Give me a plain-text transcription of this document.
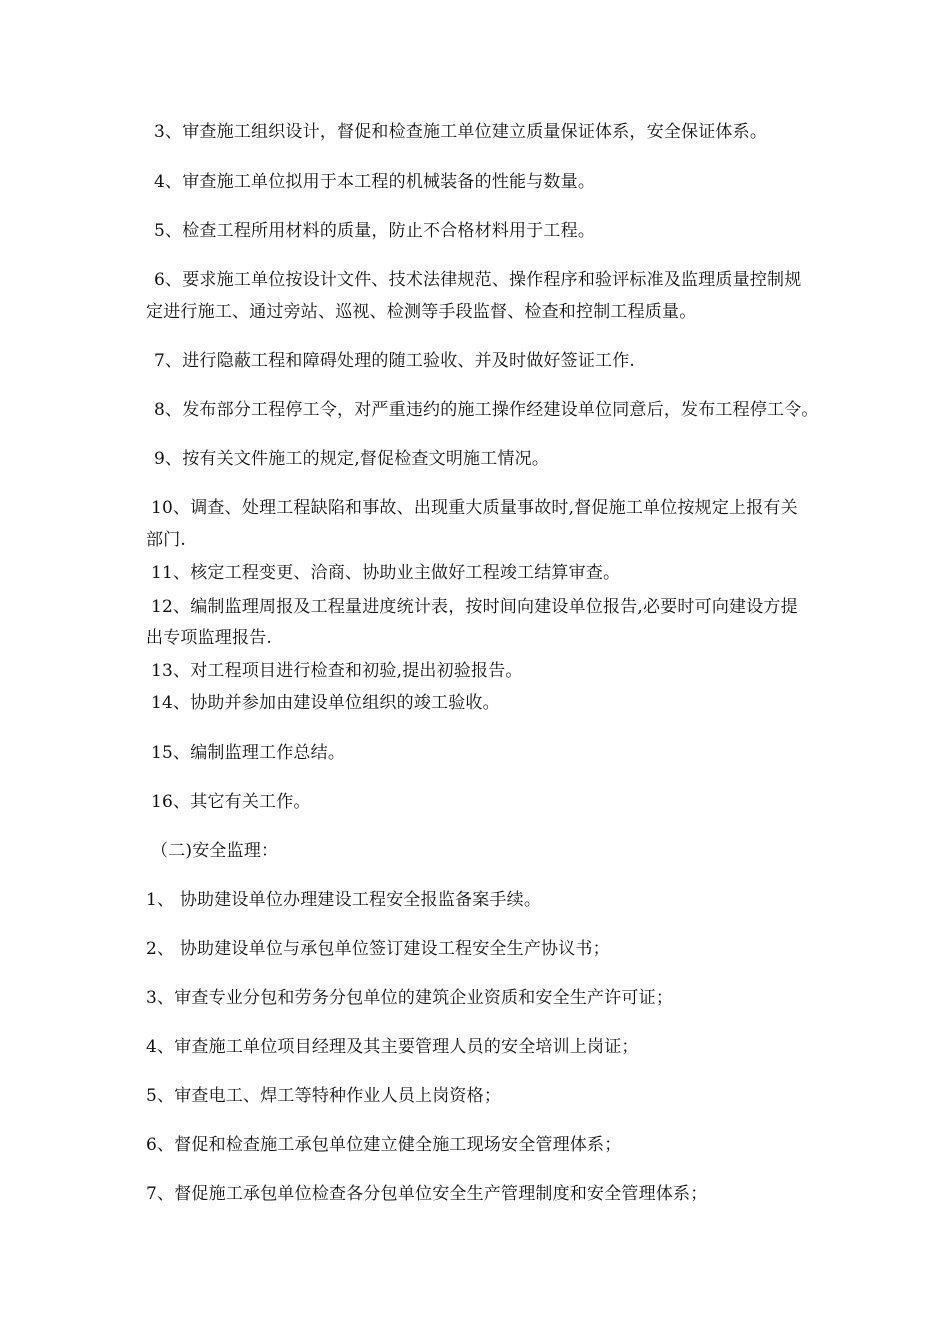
3、审查施工组织设计，督促和检查施工单位建立质量保证体系，安全保证体系。
4、审查施工单位拟用于本工程的机械装备的性能与数量。
5、检查工程所用材料的质量，防止不合格材料用于工程。
6、要求施工单位按设计文件、技术法律规范、操作程序和验评标准及监理质量控制规
定进行施工、通过旁站、巡视、检测等手段监督、检查和控制工程质量。
7、进行隐蔽工程和障碍处理的随工验收、并及时做好签证工作.
8、发布部分工程停工令，对严重违约的施工操作经建设单位同意后，发布工程停工令。
9、按有关文件施工的规定,督促检查文明施工情况。
10、调查、处理工程缺陷和事故、出现重大质量事故时,督促施工单位按规定上报有关
部门.
11、核定工程变更、洽商、协助业主做好工程竣工结算审查。
12、编制监理周报及工程量进度统计表，按时间向建设单位报告,必要时可向建设方提
出专项监理报告.
13、对工程项目进行检查和初验,提出初验报告。
14、协助并参加由建设单位组织的竣工验收。
15、编制监理工作总结。
16、其它有关工作。
（二)安全监理：
1、 协助建设单位办理建设工程安全报监备案手续。
2、 协助建设单位与承包单位签订建设工程安全生产协议书；
3、审查专业分包和劳务分包单位的建筑企业资质和安全生产许可证；
4、审查施工单位项目经理及其主要管理人员的安全培训上岗证；
5、审查电工、焊工等特种作业人员上岗资格；
6、督促和检查施工承包单位建立健全施工现场安全管理体系；
7、督促施工承包单位检查各分包单位安全生产管理制度和安全管理体系；
